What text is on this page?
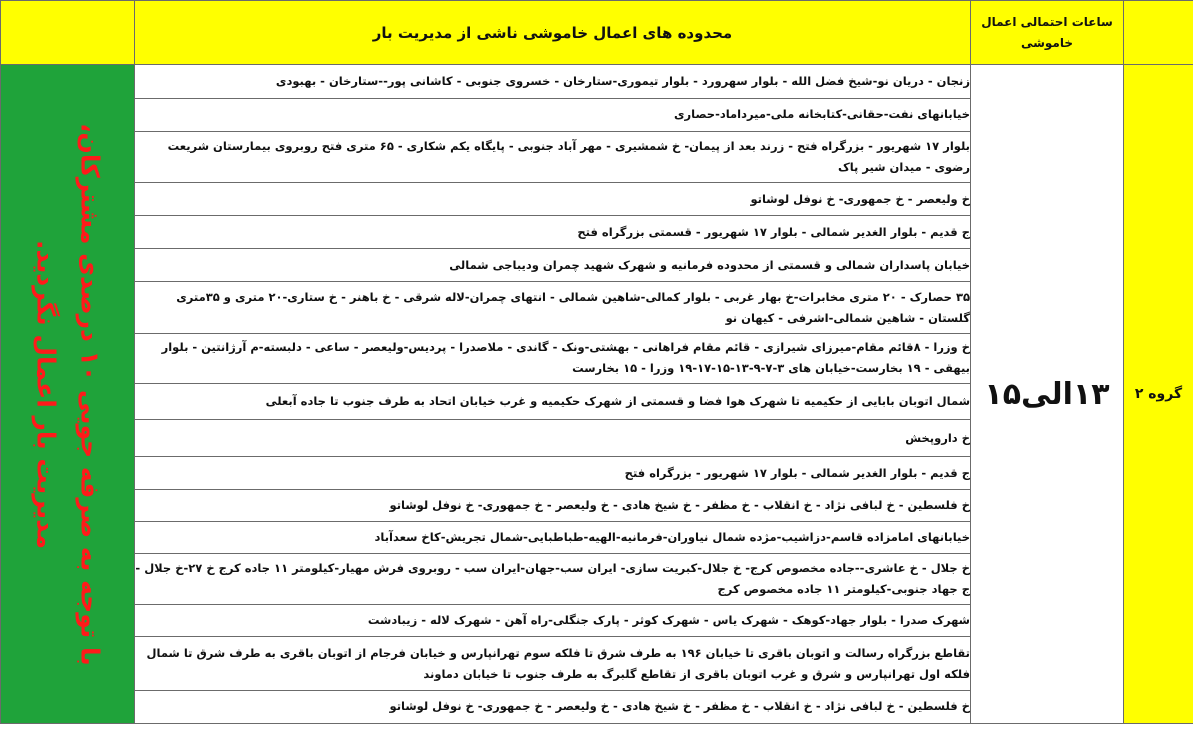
	ساعات احتمالی اعمال خاموشی	محدوده های اعمال خاموشی ناشی از مدیریت بار	
گروه ۲	۱۳الی۱۵	زنجان - دریان نو-شیخ فضل الله - بلوار سهرورد - بلوار تیموری-ستارخان - خسروی جنوبی - کاشانی پور--ستارخان - بهبودی	با توجه به صرفه جویی ۱۰ درصدی مشترکان، مدیریت بار اعمال نگردید.

		خیابانهای نفت-حقانی-کتابخانه ملی-میرداماد-حصاری	
		بلوار ۱۷ شهریور - بزرگراه فتح - زرند بعد از پیمان- خ شمشیری - مهر آباد جنوبی - پایگاه یکم شکاری - ۶۵ متری فتح روبروی بیمارستان شریعت رضوی - میدان شیر پاک	
		خ ولیعصر - خ جمهوری- خ نوفل لوشاتو	
		ج قدیم - بلوار الغدیر شمالی - بلوار ۱۷ شهریور - قسمتی بزرگراه فتح	
		خیابان پاسداران شمالی و قسمتی از محدوده فرمانیه و شهرک شهید چمران ودیباجی شمالی	
		۳۵ حصارک - ۲۰ متری مخابرات-خ بهار غربی - بلوار کمالی-شاهین شمالی - انتهای چمران-لاله شرقی - خ باهنر - خ ستاری-۲۰ متری و ۳۵متری گلستان - شاهین شمالی-اشرفی - کیهان نو	
		خ وزرا - ۸قائم مقام-میرزای شیرازی - قائم مقام فراهانی - بهشتی-ونک - گاندی - ملاصدرا - پردیس-ولیعصر - ساعی - دلبسته-م آرژانتین - بلوار بیهقی - ۱۹ بخارست-خیابان های ۳-۷-۹-۱۳-۱۵-۱۷-۱۹ وزرا - ۱۵ بخارست	
		شمال اتوبان بابایی از حکیمیه تا شهرک هوا فضا و قسمتی از شهرک حکیمیه و غرب خیابان اتحاد به طرف جنوب تا جاده آبعلی	
		خ داروپخش	
		ج قدیم - بلوار الغدیر شمالی - بلوار ۱۷ شهریور - بزرگراه فتح	
		خ فلسطین - خ لبافی نژاد - خ انقلاب - خ مظفر - خ شیخ هادی - خ ولیعصر - خ جمهوری- خ نوفل لوشاتو	
		خیابانهای امامزاده قاسم-دزاشیب-مژده شمال نیاوران-فرمانیه-الهیه-طباطبایی-شمال تجریش-کاخ سعدآباد	
		خ جلال - خ عاشری--جاده مخصوص کرج- خ جلال-کبریت سازی- ایران سب-جهان-ایران سب - روبروی فرش مهیار-کیلومتر ۱۱ جاده کرج خ ۲۷-خ جلال - ج جهاد جنوبی-کیلومتر ۱۱ جاده مخصوص کرج	
		شهرک صدرا - بلوار جهاد-کوهک - شهرک یاس - شهرک کوثر - پارک جنگلی-راه آهن - شهرک لاله - زیبادشت	
		تقاطع بزرگراه رسالت و اتوبان باقری تا خیابان ۱۹۶ به طرف شرق تا فلکه سوم تهرانپارس و خیابان فرجام از اتوبان باقری به طرف شرق تا شمال فلکه اول تهرانپارس و شرق و غرب اتوبان باقری از تقاطع گلبرگ به طرف جنوب تا خیابان دماوند	
		خ فلسطین - خ لبافی نژاد - خ انقلاب - خ مظفر - خ شیخ هادی - خ ولیعصر - خ جمهوری- خ نوفل لوشاتو	
